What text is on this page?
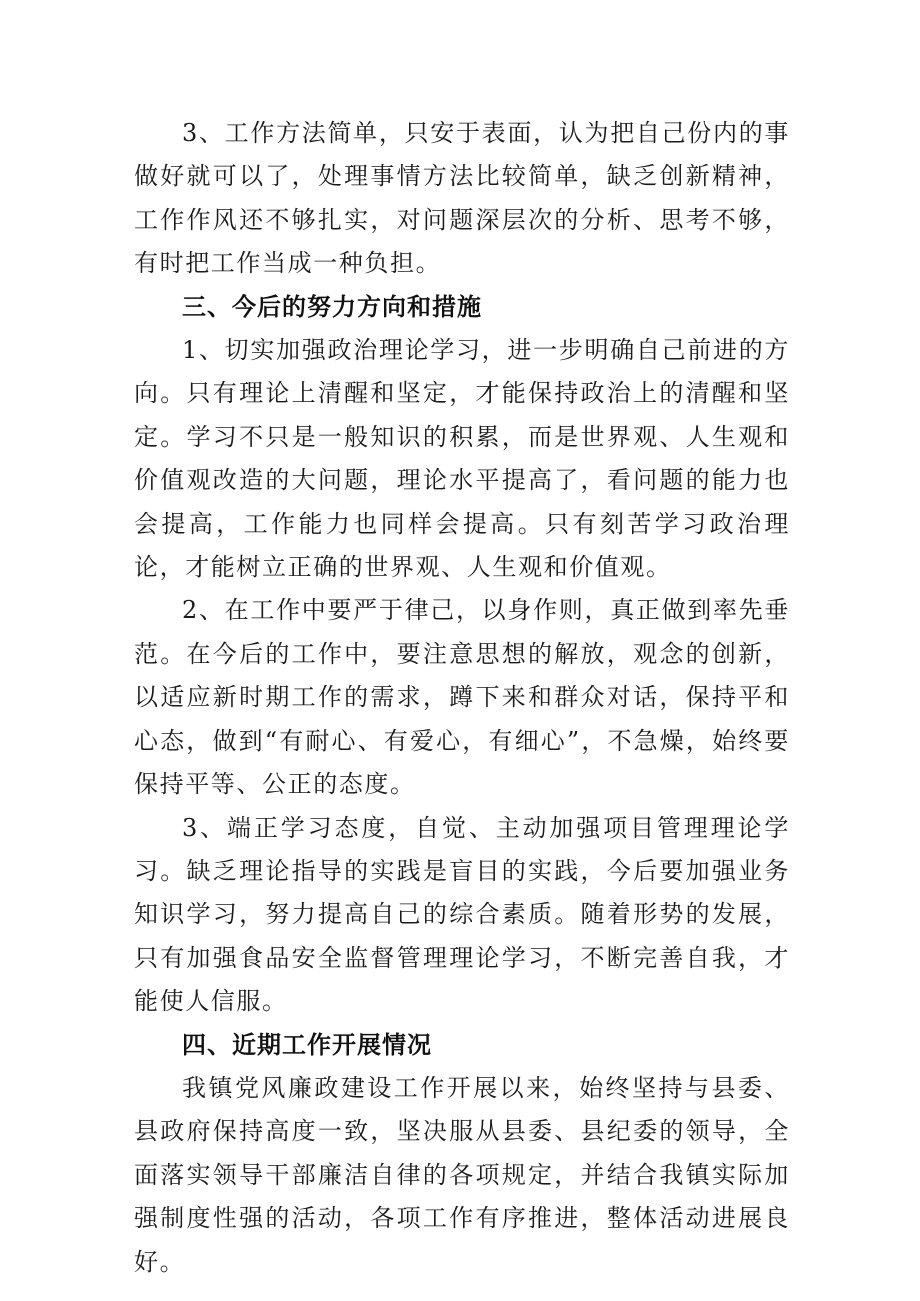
3、工作方法简单，只安于表面，认为把自己份内的事做好就可以了，处理事情方法比较简单，缺乏创新精神，工作作风还不够扎实，对问题深层次的分析、思考不够，有时把工作当成一种负担。

三、今后的努力方向和措施

1、切实加强政治理论学习，进一步明确自己前进的方向。只有理论上清醒和坚定，才能保持政治上的清醒和坚定。学习不只是一般知识的积累，而是世界观、人生观和价值观改造的大问题，理论水平提高了，看问题的能力也会提高，工作能力也同样会提高。只有刻苦学习政治理论，才能树立正确的世界观、人生观和价值观。

2、在工作中要严于律己，以身作则，真正做到率先垂范。在今后的工作中，要注意思想的解放，观念的创新，以适应新时期工作的需求，蹲下来和群众对话，保持平和心态，做到“有耐心、有爱心，有细心”，不急燥，始终要保持平等、公正的态度。

3、端正学习态度，自觉、主动加强项目管理理论学习。缺乏理论指导的实践是盲目的实践，今后要加强业务知识学习，努力提高自己的综合素质。随着形势的发展，只有加强食品安全监督管理理论学习，不断完善自我，才能使人信服。

四、近期工作开展情况

我镇党风廉政建设工作开展以来，始终坚持与县委、县政府保持高度一致，坚决服从县委、县纪委的领导，全面落实领导干部廉洁自律的各项规定，并结合我镇实际加强制度性强的活动，各项工作有序推进，整体活动进展良好。
